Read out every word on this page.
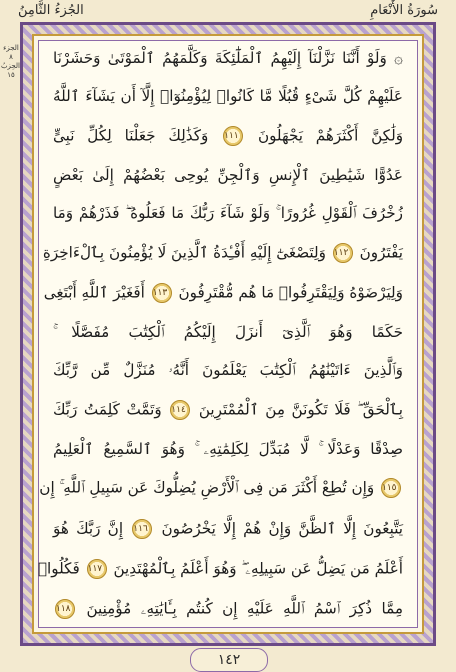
الجُزءُ الثَّامِنُ	سُورَةُ الأَنْعَامِ
الجزء ٨
الحِزبُ ١٥
۞ وَلَوْ أَنَّنَا نَزَّلْنَآ إِلَيْهِمُ ٱلْمَلَٰٓئِكَةَ وَكَلَّمَهُمُ ٱلْمَوْتَىٰ وَحَشَرْنَا
عَلَيْهِمْ كُلَّ شَىْءٍ قُبُلًا مَّا كَانُوا۟ لِيُؤْمِنُوٓا۟ إِلَّآ أَن يَشَآءَ ٱللَّهُ
وَلَٰكِنَّ أَكْثَرَهُمْ يَجْهَلُونَ ١١١ وَكَذَٰلِكَ جَعَلْنَا لِكُلِّ نَبِىٍّ
عَدُوًّا شَيَٰطِينَ ٱلْإِنسِ وَٱلْجِنِّ يُوحِى بَعْضُهُمْ إِلَىٰ بَعْضٍ
زُخْرُفَ ٱلْقَوْلِ غُرُورًا ۚ وَلَوْ شَآءَ رَبُّكَ مَا فَعَلُوهُ ۖ فَذَرْهُمْ وَمَا
يَفْتَرُونَ ١١٢ وَلِتَصْغَىٰٓ إِلَيْهِ أَفْـِٔدَةُ ٱلَّذِينَ لَا يُؤْمِنُونَ بِٱلْءَاخِرَةِ
وَلِيَرْضَوْهُ وَلِيَقْتَرِفُوا۟ مَا هُم مُّقْتَرِفُونَ ١١٣ أَفَغَيْرَ ٱللَّهِ أَبْتَغِى
حَكَمًا وَهُوَ ٱلَّذِىٓ أَنزَلَ إِلَيْكُمُ ٱلْكِتَٰبَ مُفَصَّلًا ۚ
وَٱلَّذِينَ ءَاتَيْنَٰهُمُ ٱلْكِتَٰبَ يَعْلَمُونَ أَنَّهُۥ مُنَزَّلٌ مِّن رَّبِّكَ
بِٱلْحَقِّ ۖ فَلَا تَكُونَنَّ مِنَ ٱلْمُمْتَرِينَ ١١٤ وَتَمَّتْ كَلِمَتُ رَبِّكَ
صِدْقًا وَعَدْلًا ۚ لَّا مُبَدِّلَ لِكَلِمَٰتِهِۦ ۚ وَهُوَ ٱلسَّمِيعُ ٱلْعَلِيمُ
١١٥ وَإِن تُطِعْ أَكْثَرَ مَن فِى ٱلْأَرْضِ يُضِلُّوكَ عَن سَبِيلِ ٱللَّهِ ۚ إِن
يَتَّبِعُونَ إِلَّا ٱلظَّنَّ وَإِنْ هُمْ إِلَّا يَخْرُصُونَ ١١٦ إِنَّ رَبَّكَ هُوَ
أَعْلَمُ مَن يَضِلُّ عَن سَبِيلِهِۦ ۖ وَهُوَ أَعْلَمُ بِٱلْمُهْتَدِينَ ١١٧ فَكُلُوا۟
مِمَّا ذُكِرَ ٱسْمُ ٱللَّهِ عَلَيْهِ إِن كُنتُم بِـَٔايَٰتِهِۦ مُؤْمِنِينَ ١١٨
١٤٢
